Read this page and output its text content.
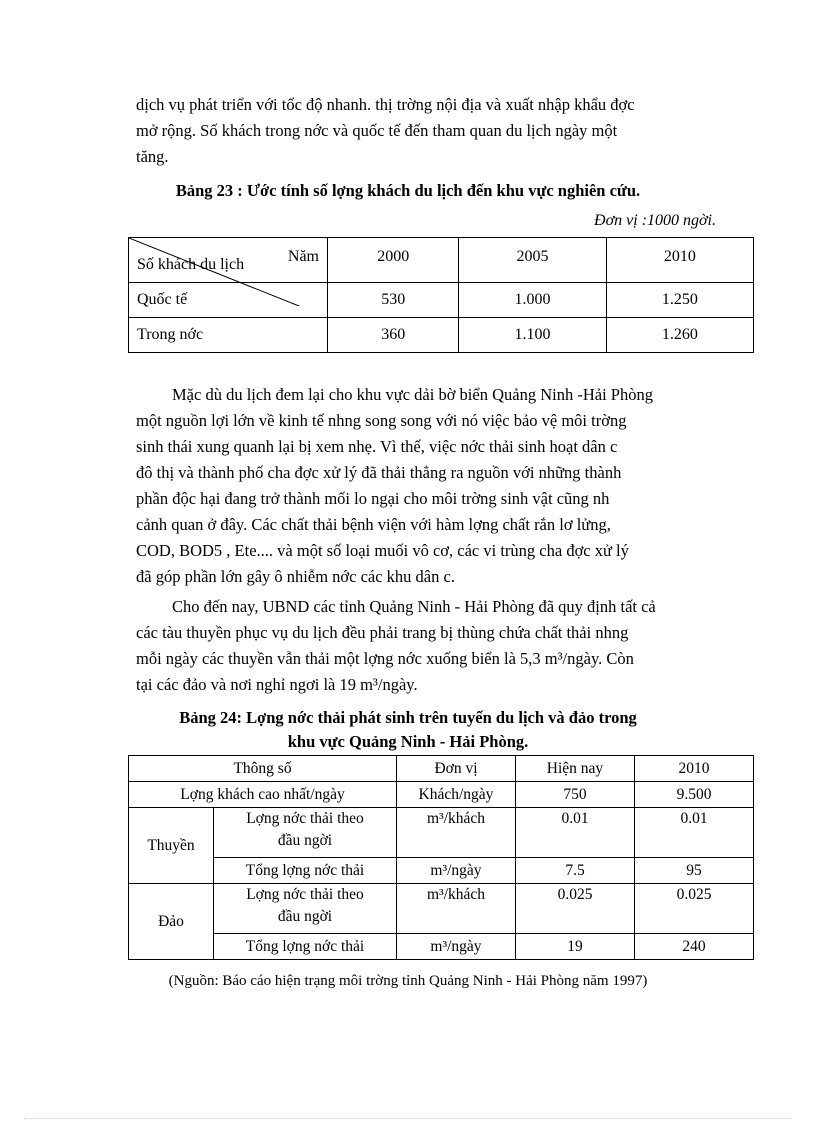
dịch vụ phát triển với tốc độ nhanh. thị trờng nội địa và xuất nhập khẩu đợc
mở rộng. Số khách trong nớc và quốc tế đến tham quan du lịch ngày một
tăng.

Bảng 23 : Ước tính số lợng khách du lịch đến khu vực nghiên cứu.
Đơn vị :1000 ngời.
Năm
Số khách du lịch	2000	2005	2010
Quốc tế	530	1.000	1.250
Trong nớc	360	1.100	1.260

Mặc dù du lịch đem lại cho khu vực dải bờ biển Quảng Ninh -Hải Phòng
một nguồn lợi lớn về kinh tế nhng song song với nó việc bảo vệ môi trờng
sinh thái xung quanh lại bị xem nhẹ. Vì thế, việc nớc thải sinh hoạt dân c
đô thị và thành phố cha đợc xử lý đã thải thẳng ra nguồn với những thành
phần độc hại đang trở thành mối lo ngại cho môi trờng sinh vật cũng nh
cảnh quan ở đây. Các chất thải bệnh viện với hàm lợng chất rắn lơ lửng,
COD, BOD5 , Ete.... và một số loại muối vô cơ, các vi trùng cha đợc xử lý
đã góp phần lớn gây ô nhiễm nớc các khu dân c.

Cho đến nay, UBND các tỉnh Quảng Ninh - Hải Phòng đã quy định tất cả
các tàu thuyền phục vụ du lịch đều phải trang bị thùng chứa chất thải nhng
mỗi ngày các thuyền vẫn thải một lợng nớc xuống biển là 5,3 m³/ngày. Còn
tại các đảo và nơi nghỉ ngơi là 19 m³/ngày.

Bảng 24: Lợng nớc thải phát sinh trên tuyến du lịch và đảo trong
khu vực Quảng Ninh - Hải Phòng.
Thông số		Đơn vị	Hiện nay	2010
Lợng khách cao nhất/ngày		Khách/ngày	750	9.500
Thuyền	Lợng nớc thải theo
đầu ngời	m³/khách	0.01	0.01
	Tổng lợng nớc thải	m³/ngày	7.5	95
Đảo	Lợng nớc thải theo
đầu ngời	m³/khách	0.025	0.025
	Tổng lợng nớc thải	m³/ngày	19	240
(Nguồn: Báo cáo hiện trạng môi trờng tỉnh Quảng Ninh - Hải Phòng năm 1997)
